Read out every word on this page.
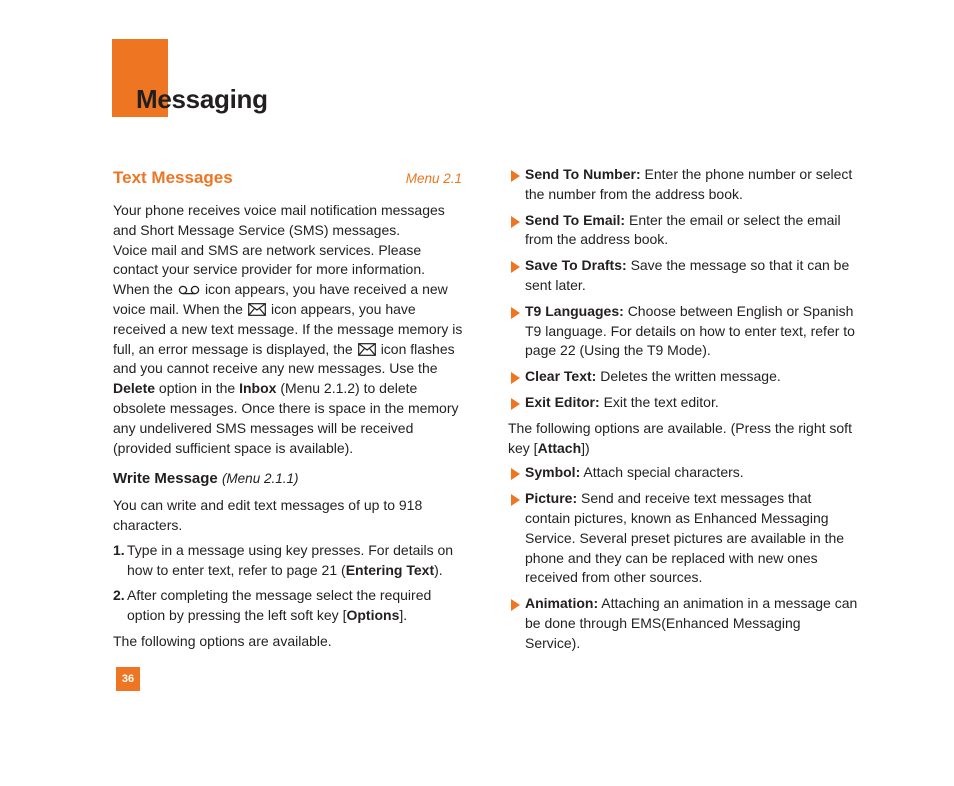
Messaging
Text Messages	Menu 2.1

Your phone receives voice mail notification messages and Short Message Service (SMS) messages.

Voice mail and SMS are network services. Please contact your service provider for more information. When the icon appears, you have received a new voice mail. When the icon appears, you have received a new text message. If the message memory is full, an error message is displayed, the icon flashes and you cannot receive any new messages. Use the Delete option in the Inbox (Menu 2.1.2) to delete obsolete messages. Once there is space in the memory any undelivered SMS messages will be received (provided sufficient space is available).

Write Message (Menu 2.1.1)

You can write and edit text messages of up to 918 characters.

1. Type in a message using key presses. For details on how to enter text, refer to page 21 (Entering Text).
2. After completing the message select the required option by pressing the left soft key [Options].

The following options are available.

Send To Number: Enter the phone number or select the number from the address book.
Send To Email: Enter the email or select the email from the address book.
Save To Drafts: Save the message so that it can be sent later.
T9 Languages: Choose between English or Spanish T9 language. For details on how to enter text, refer to page 22 (Using the T9 Mode).
Clear Text: Deletes the written message.
Exit Editor: Exit the text editor.

The following options are available. (Press the right soft key [Attach])

Symbol: Attach special characters.
Picture: Send and receive text messages that contain pictures, known as Enhanced Messaging Service. Several preset pictures are available in the phone and they can be replaced with new ones received from other sources.
Animation: Attaching an animation in a message can be done through EMS(Enhanced Messaging Service).
36
